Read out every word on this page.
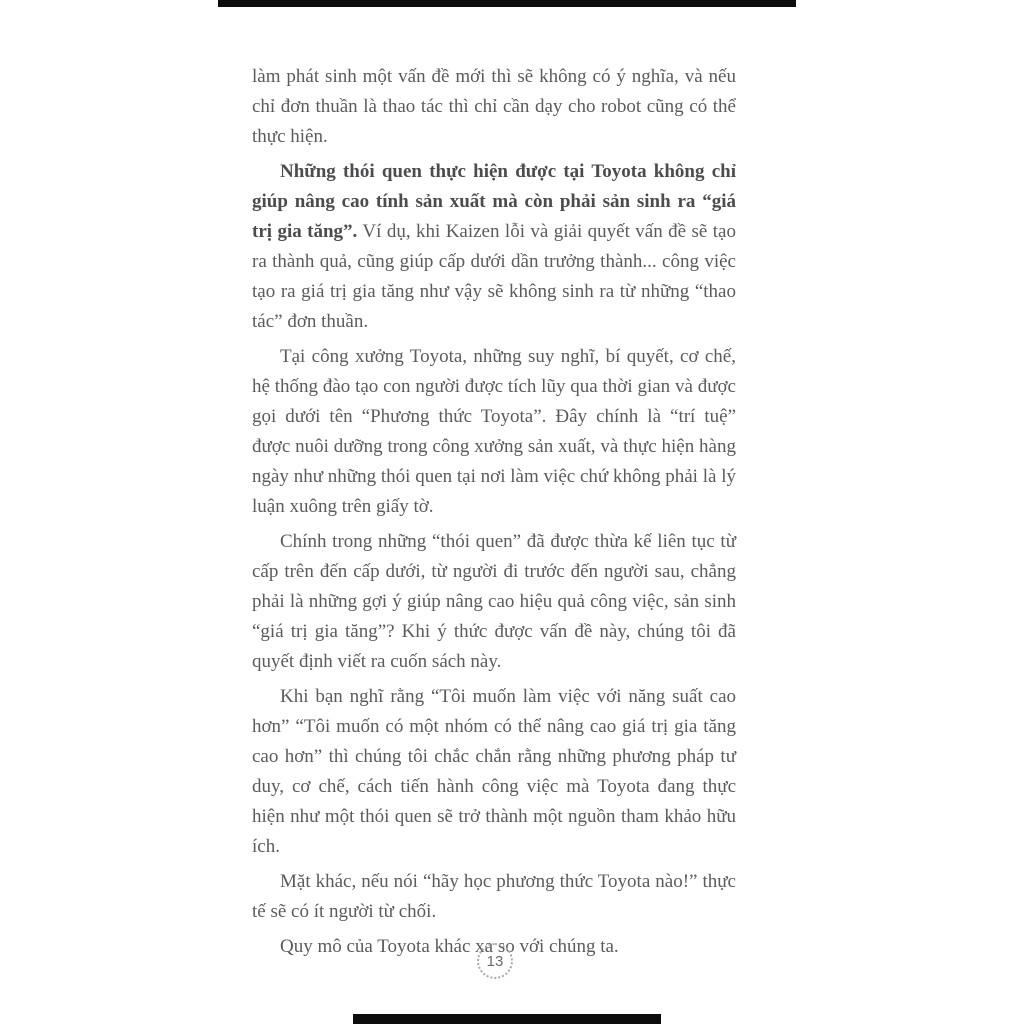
làm phát sinh một vấn đề mới thì sẽ không có ý nghĩa, và nếu chỉ đơn thuần là thao tác thì chỉ cần dạy cho robot cũng có thể thực hiện.

Những thói quen thực hiện được tại Toyota không chỉ giúp nâng cao tính sản xuất mà còn phải sản sinh ra “giá trị gia tăng”. Ví dụ, khi Kaizen lỗi và giải quyết vấn đề sẽ tạo ra thành quả, cũng giúp cấp dưới dần trưởng thành... công việc tạo ra giá trị gia tăng như vậy sẽ không sinh ra từ những “thao tác” đơn thuần.

Tại công xưởng Toyota, những suy nghĩ, bí quyết, cơ chế, hệ thống đào tạo con người được tích lũy qua thời gian và được gọi dưới tên “Phương thức Toyota”. Đây chính là “trí tuệ” được nuôi dưỡng trong công xưởng sản xuất, và thực hiện hàng ngày như những thói quen tại nơi làm việc chứ không phải là lý luận xuông trên giấy tờ.

Chính trong những “thói quen” đã được thừa kế liên tục từ cấp trên đến cấp dưới, từ người đi trước đến người sau, chẳng phải là những gợi ý giúp nâng cao hiệu quả công việc, sản sinh “giá trị gia tăng”? Khi ý thức được vấn đề này, chúng tôi đã quyết định viết ra cuốn sách này.

Khi bạn nghĩ rằng “Tôi muốn làm việc với năng suất cao hơn” “Tôi muốn có một nhóm có thể nâng cao giá trị gia tăng cao hơn” thì chúng tôi chắc chắn rằng những phương pháp tư duy, cơ chế, cách tiến hành công việc mà Toyota đang thực hiện như một thói quen sẽ trở thành một nguồn tham khảo hữu ích.

Mặt khác, nếu nói “hãy học phương thức Toyota nào!” thực tế sẽ có ít người từ chối.

Quy mô của Toyota khác xa so với chúng ta.

13
